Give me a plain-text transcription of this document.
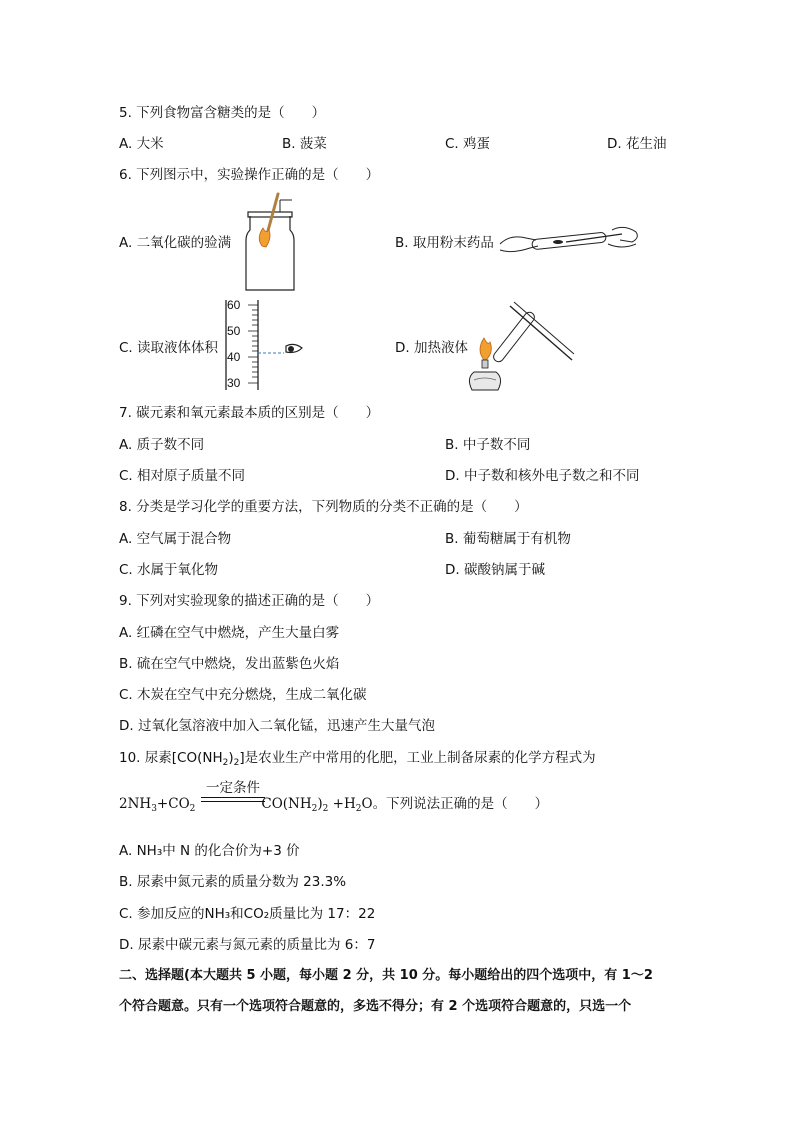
5. 下列食物富含糖类的是（　　）
A. 大米	B. 菠菜	C. 鸡蛋	D. 花生油
6. 下列图示中，实验操作正确的是（　　）
A. 二氧化碳的验满	B. 取用粉末药品
C. 读取液体体积
60
50
40
30
D. 加热液体
7. 碳元素和氧元素最本质的区别是（　　）
A. 质子数不同	B. 中子数不同
C. 相对原子质量不同	D. 中子数和核外电子数之和不同
8. 分类是学习化学的重要方法，下列物质的分类不正确的是（　　）
A. 空气属于混合物	B. 葡萄糖属于有机物
C. 水属于氧化物	D. 碳酸钠属于碱
9. 下列对实验现象的描述正确的是（　　）
A. 红磷在空气中燃烧，产生大量白雾
B. 硫在空气中燃烧，发出蓝紫色火焰
C. 木炭在空气中充分燃烧，生成二氧化碳
D. 过氧化氢溶液中加入二氧化锰，迅速产生大量气泡
10. 尿素$[CO(NH_2)_2]$是农业生产中常用的化肥，工业上制备尿素的化学方程式为
$2NH_3+CO_2$	$CO(NH_2)_2 +H_2O$。下列说法正确的是（　　）
一定条件
A. NH₃中 N 的化合价为+3 价
B. 尿素中氮元素的质量分数为 23.3%
C. 参加反应的NH₃和CO₂质量比为 17：22
D. 尿素中碳元素与氮元素的质量比为 6：7
二、选择题(本大题共 5 小题，每小题 2 分，共 10 分。每小题给出的四个选项中，有 1～2
个符合题意。只有一个选项符合题意的，多选不得分；有 2 个选项符合题意的，只选一个
